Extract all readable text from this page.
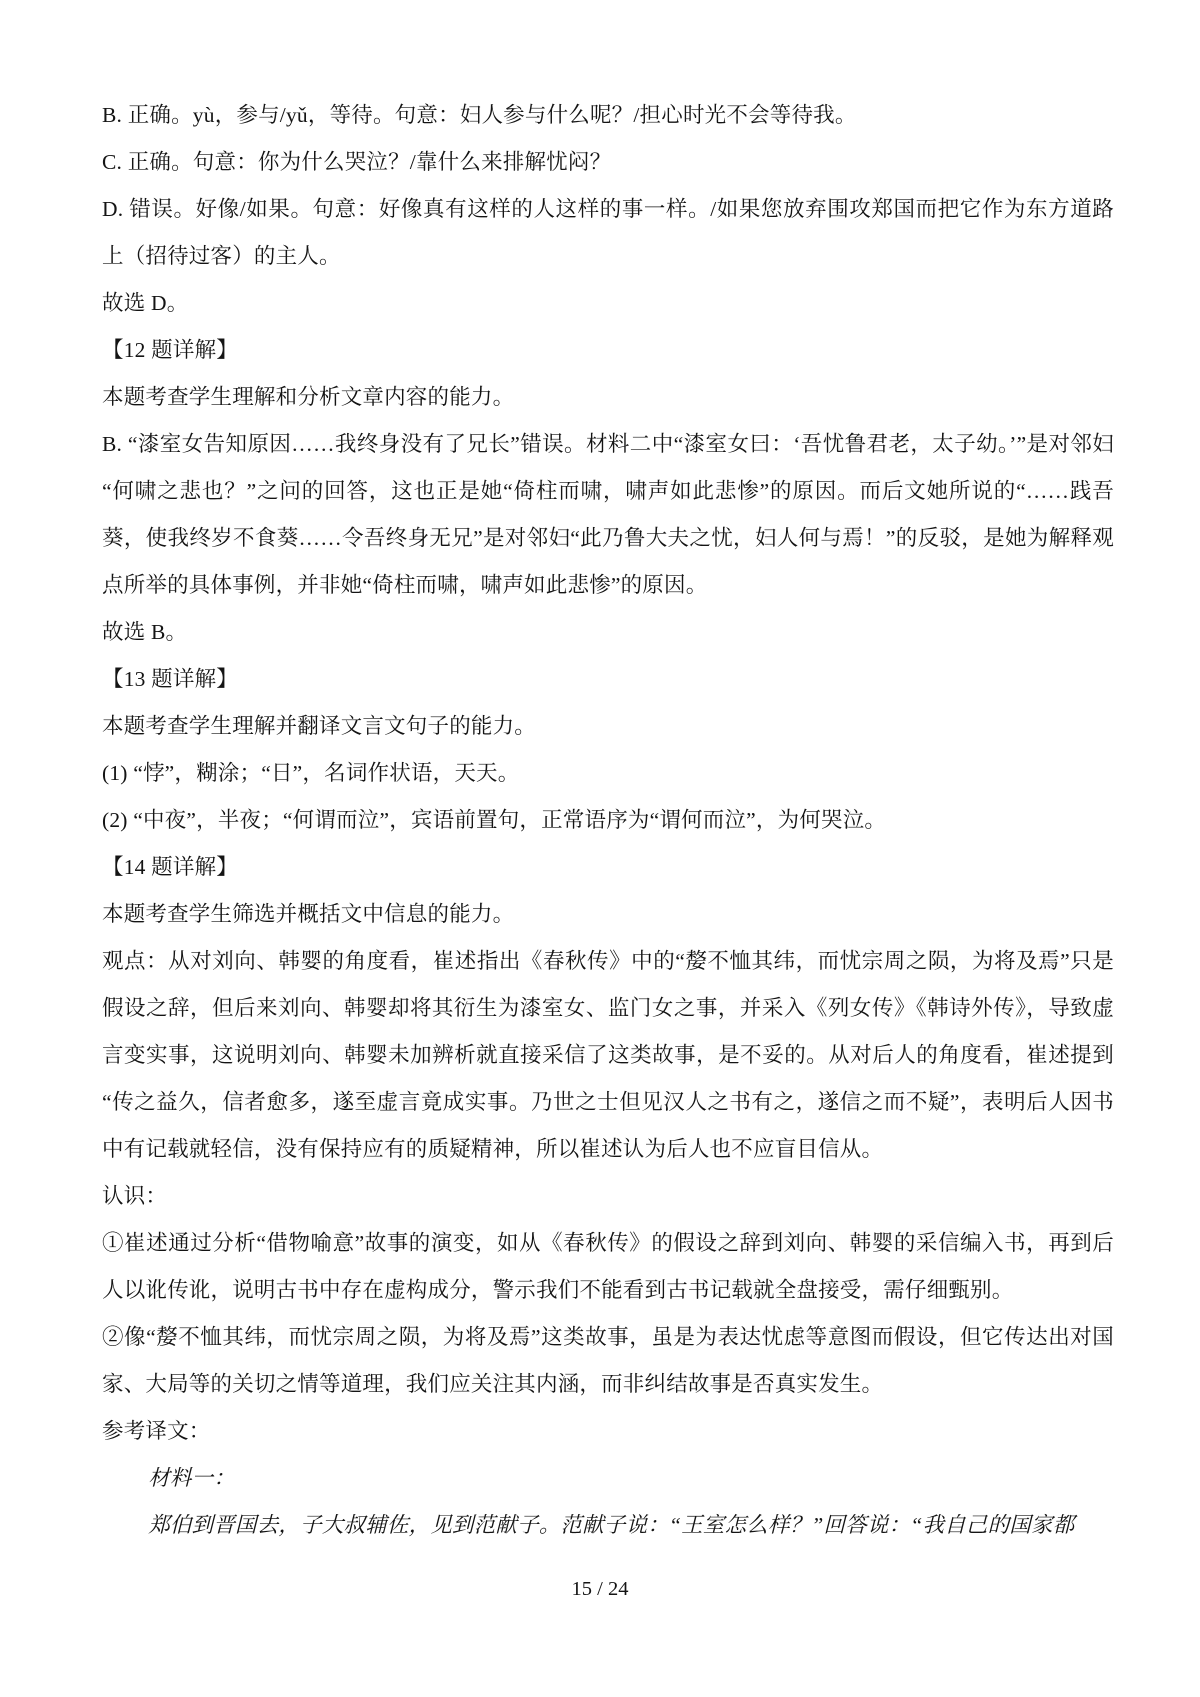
B. 正确。yù，参与/yǔ，等待。句意：妇人参与什么呢？/担心时光不会等待我。

C. 正确。句意：你为什么哭泣？/靠什么来排解忧闷？

D. 错误。好像/如果。句意：好像真有这样的人这样的事一样。/如果您放弃围攻郑国而把它作为东方道路上（招待过客）的主人。

故选 D。

【12 题详解】

本题考查学生理解和分析文章内容的能力。

B. “漆室女告知原因……我终身没有了兄长”错误。材料二中“漆室女曰：‘吾忧鲁君老，太子幼。’”是对邻妇“何啸之悲也？”之问的回答，这也正是她“倚柱而啸，啸声如此悲惨”的原因。而后文她所说的“……践吾葵，使我终岁不食葵……令吾终身无兄”是对邻妇“此乃鲁大夫之忧，妇人何与焉！”的反驳，是她为解释观点所举的具体事例，并非她“倚柱而啸，啸声如此悲惨”的原因。

故选 B。

【13 题详解】

本题考查学生理解并翻译文言文句子的能力。

(1) “悖”，糊涂；“日”，名词作状语，天天。

(2) “中夜”，半夜；“何谓而泣”，宾语前置句，正常语序为“谓何而泣”，为何哭泣。

【14 题详解】

本题考查学生筛选并概括文中信息的能力。

观点：从对刘向、韩婴的角度看，崔述指出《春秋传》中的“嫠不恤其纬，而忧宗周之陨，为将及焉”只是假设之辞，但后来刘向、韩婴却将其衍生为漆室女、监门女之事，并采入《列女传》《韩诗外传》，导致虚言变实事，这说明刘向、韩婴未加辨析就直接采信了这类故事，是不妥的。从对后人的角度看，崔述提到“传之益久，信者愈多，遂至虚言竟成实事。乃世之士但见汉人之书有之，遂信之而不疑”，表明后人因书中有记载就轻信，没有保持应有的质疑精神，所以崔述认为后人也不应盲目信从。

认识：

①崔述通过分析“借物喻意”故事的演变，如从《春秋传》的假设之辞到刘向、韩婴的采信编入书，再到后人以讹传讹，说明古书中存在虚构成分，警示我们不能看到古书记载就全盘接受，需仔细甄别。

②像“嫠不恤其纬，而忧宗周之陨，为将及焉”这类故事，虽是为表达忧虑等意图而假设，但它传达出对国家、大局等的关切之情等道理，我们应关注其内涵，而非纠结故事是否真实发生。

参考译文：

材料一：

郑伯到晋国去，子大叔辅佐，见到范献子。范献子说：“王室怎么样？”回答说：“我自己的国家都

15 / 24
